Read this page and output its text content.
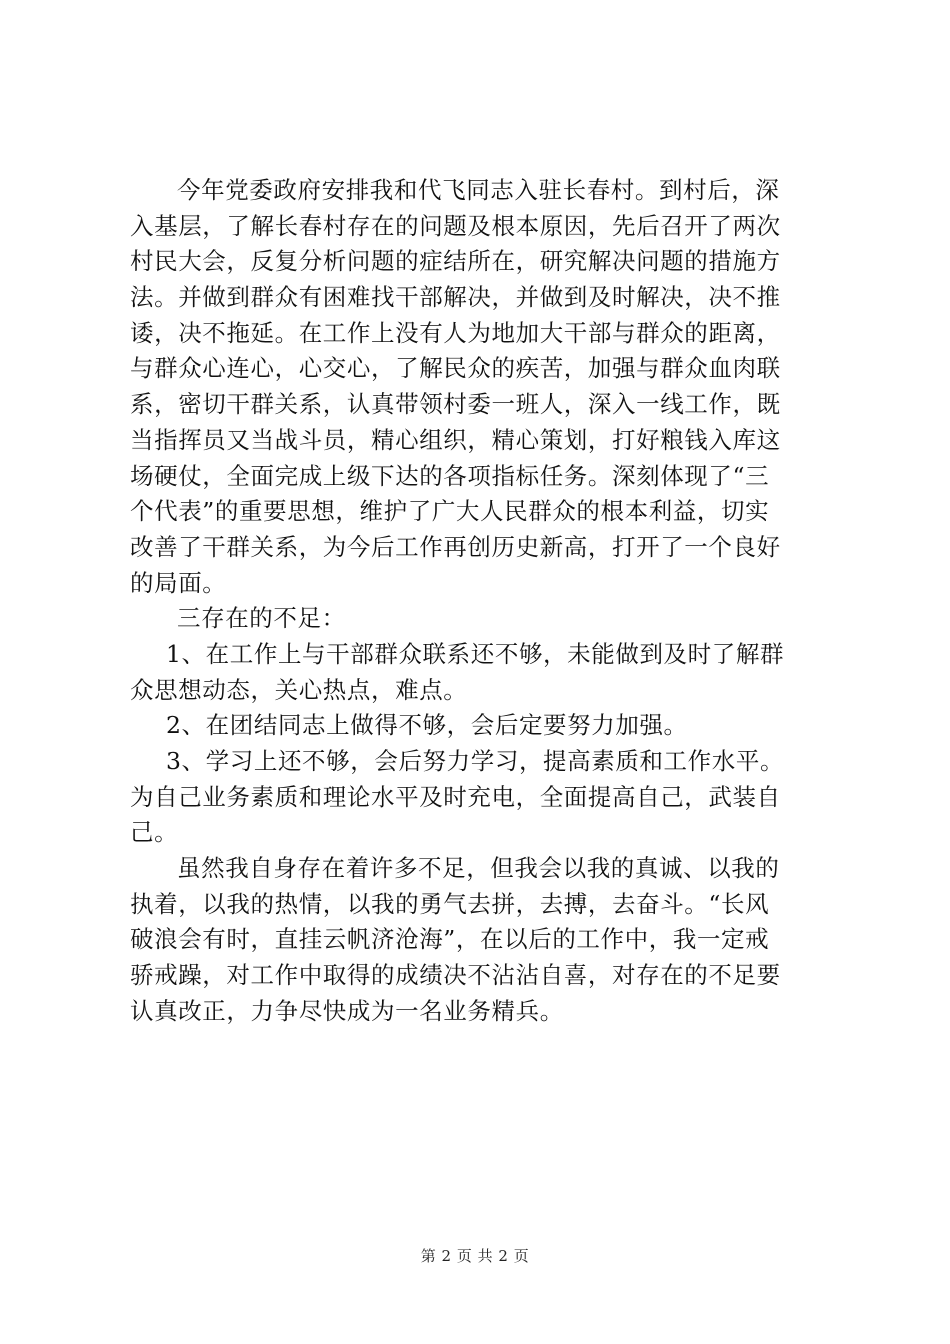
今年党委政府安排我和代飞同志入驻长春村。到村后，深
入基层，了解长春村存在的问题及根本原因，先后召开了两次
村民大会，反复分析问题的症结所在，研究解决问题的措施方
法。并做到群众有困难找干部解决，并做到及时解决，决不推
诿，决不拖延。在工作上没有人为地加大干部与群众的距离，
与群众心连心，心交心，了解民众的疾苦，加强与群众血肉联
系，密切干群关系，认真带领村委一班人，深入一线工作，既
当指挥员又当战斗员，精心组织，精心策划，打好粮钱入库这
场硬仗，全面完成上级下达的各项指标任务。深刻体现了“三
个代表”的重要思想，维护了广大人民群众的根本利益，切实
改善了干群关系，为今后工作再创历史新高，打开了一个良好
的局面。
三存在的不足：
1、在工作上与干部群众联系还不够，未能做到及时了解群
众思想动态，关心热点，难点。
2、在团结同志上做得不够，会后定要努力加强。
3、学习上还不够，会后努力学习，提高素质和工作水平。
为自己业务素质和理论水平及时充电，全面提高自己，武装自
己。
虽然我自身存在着许多不足，但我会以我的真诚、以我的
执着，以我的热情，以我的勇气去拼，去搏，去奋斗。“长风
破浪会有时，直挂云帆济沧海”，在以后的工作中，我一定戒
骄戒躁，对工作中取得的成绩决不沾沾自喜，对存在的不足要
认真改正，力争尽快成为一名业务精兵。
第 2 页 共 2 页
